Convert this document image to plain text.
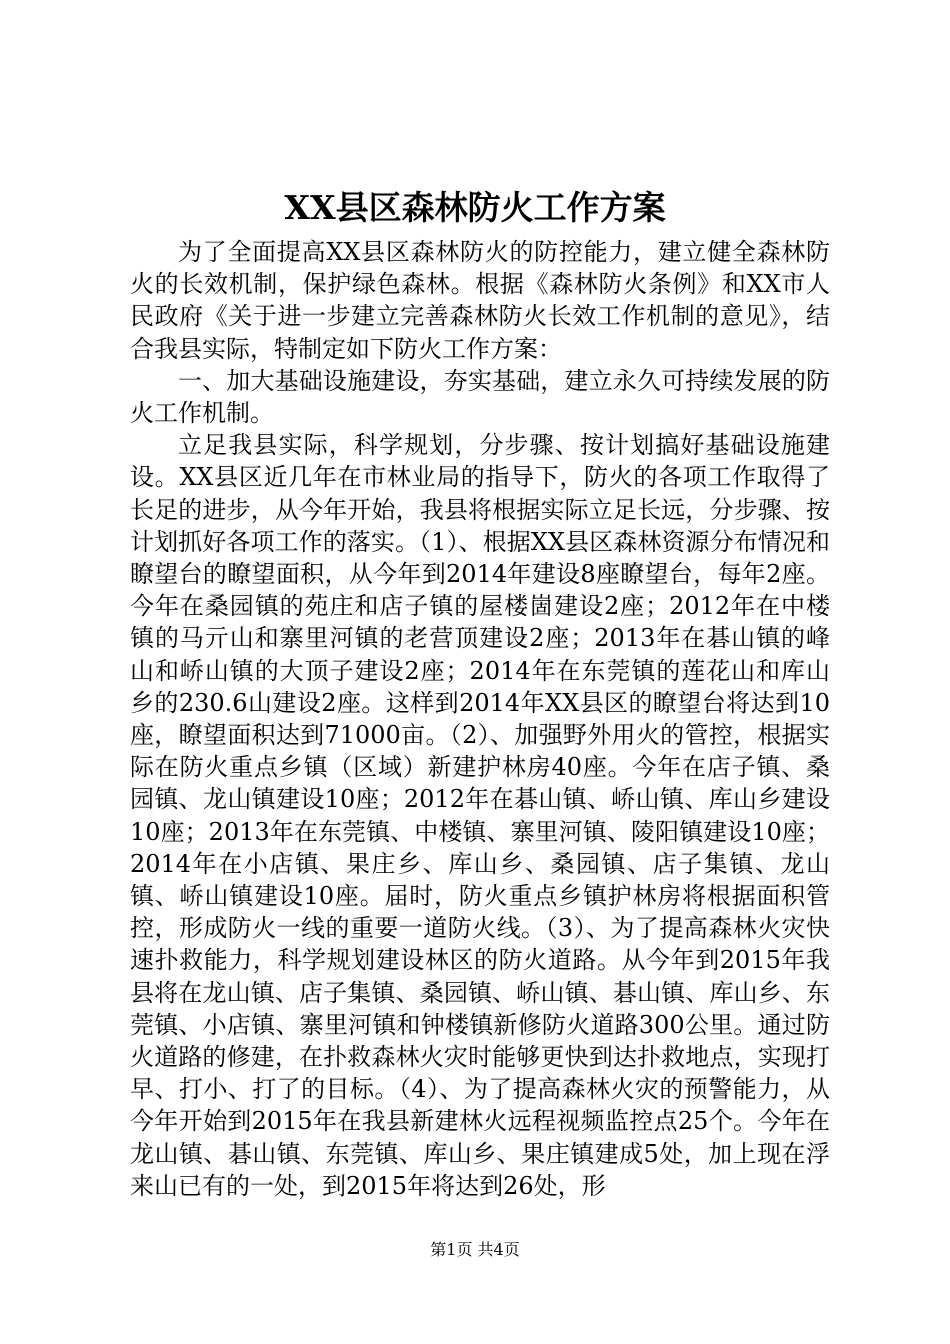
XX县区森林防火工作方案

为了全面提高XX县区森林防火的防控能力，建立健全森林防火的长效机制，保护绿色森林。根据《森林防火条例》和XX市人民政府《关于进一步建立完善森林防火长效工作机制的意见》，结合我县实际，特制定如下防火工作方案：

一、加大基础设施建设，夯实基础，建立永久可持续发展的防火工作机制。

立足我县实际，科学规划，分步骤、按计划搞好基础设施建设。XX县区近几年在市林业局的指导下，防火的各项工作取得了长足的进步，从今年开始，我县将根据实际立足长远，分步骤、按计划抓好各项工作的落实。（1）、根据XX县区森林资源分布情况和瞭望台的瞭望面积，从今年到2014年建设8座瞭望台，每年2座。今年在桑园镇的苑庄和店子镇的屋楼崮建设2座；2012年在中楼镇的马亓山和寨里河镇的老营顶建设2座；2013年在碁山镇的峰山和峤山镇的大顶子建设2座；2014年在东莞镇的莲花山和库山乡的230.6山建设2座。这样到2014年XX县区的瞭望台将达到10座，瞭望面积达到71000亩。（2）、加强野外用火的管控，根据实际在防火重点乡镇（区域）新建护林房40座。今年在店子镇、桑园镇、龙山镇建设10座；2012年在碁山镇、峤山镇、库山乡建设10座；2013年在东莞镇、中楼镇、寨里河镇、陵阳镇建设10座；2014年在小店镇、果庄乡、库山乡、桑园镇、店子集镇、龙山镇、峤山镇建设10座。届时，防火重点乡镇护林房将根据面积管控，形成防火一线的重要一道防火线。（3）、为了提高森林火灾快速扑救能力，科学规划建设林区的防火道路。从今年到2015年我县将在龙山镇、店子集镇、桑园镇、峤山镇、碁山镇、库山乡、东莞镇、小店镇、寨里河镇和钟楼镇新修防火道路300公里。通过防火道路的修建，在扑救森林火灾时能够更快到达扑救地点，实现打早、打小、打了的目标。（4）、为了提高森林火灾的预警能力，从今年开始到2015年在我县新建林火远程视频监控点25个。今年在龙山镇、碁山镇、东莞镇、库山乡、果庄镇建成5处，加上现在浮来山已有的一处，到2015年将达到26处，形

第1页 共4页
